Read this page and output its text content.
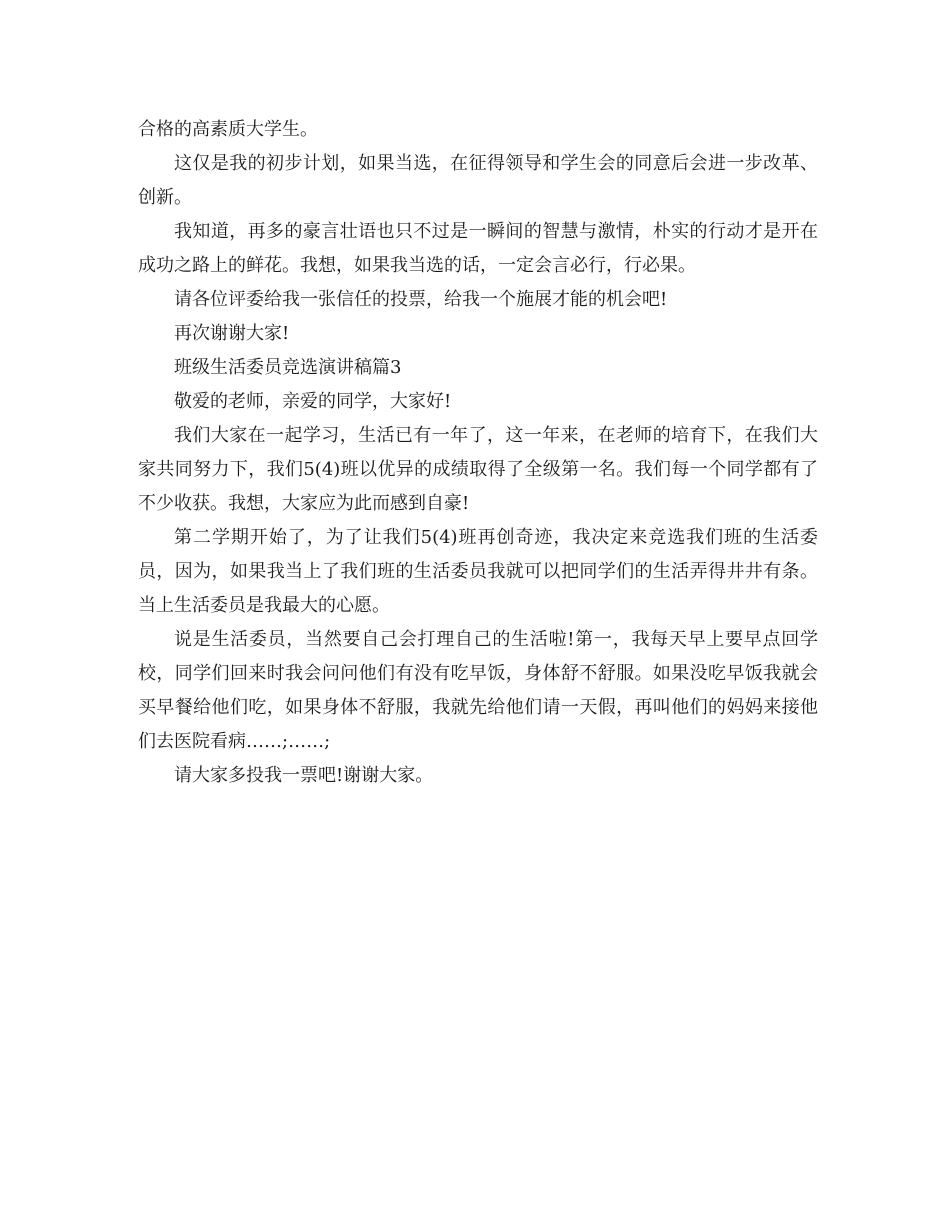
合格的高素质大学生。

这仅是我的初步计划，如果当选，在征得领导和学生会的同意后会进一步改革、创新。

我知道，再多的豪言壮语也只不过是一瞬间的智慧与激情，朴实的行动才是开在成功之路上的鲜花。我想，如果我当选的话，一定会言必行，行必果。

请各位评委给我一张信任的投票，给我一个施展才能的机会吧!

再次谢谢大家!

班级生活委员竞选演讲稿篇3

敬爱的老师，亲爱的同学，大家好!

我们大家在一起学习，生活已有一年了，这一年来，在老师的培育下，在我们大家共同努力下，我们5(4)班以优异的成绩取得了全级第一名。我们每一个同学都有了不少收获。我想，大家应为此而感到自豪!

第二学期开始了，为了让我们5(4)班再创奇迹，我决定来竞选我们班的生活委员，因为，如果我当上了我们班的生活委员我就可以把同学们的生活弄得井井有条。当上生活委员是我最大的心愿。

说是生活委员，当然要自己会打理自己的生活啦!第一，我每天早上要早点回学校，同学们回来时我会问问他们有没有吃早饭，身体舒不舒服。如果没吃早饭我就会买早餐给他们吃，如果身体不舒服，我就先给他们请一天假，再叫他们的妈妈来接他们去医院看病……;……;

请大家多投我一票吧!谢谢大家。
